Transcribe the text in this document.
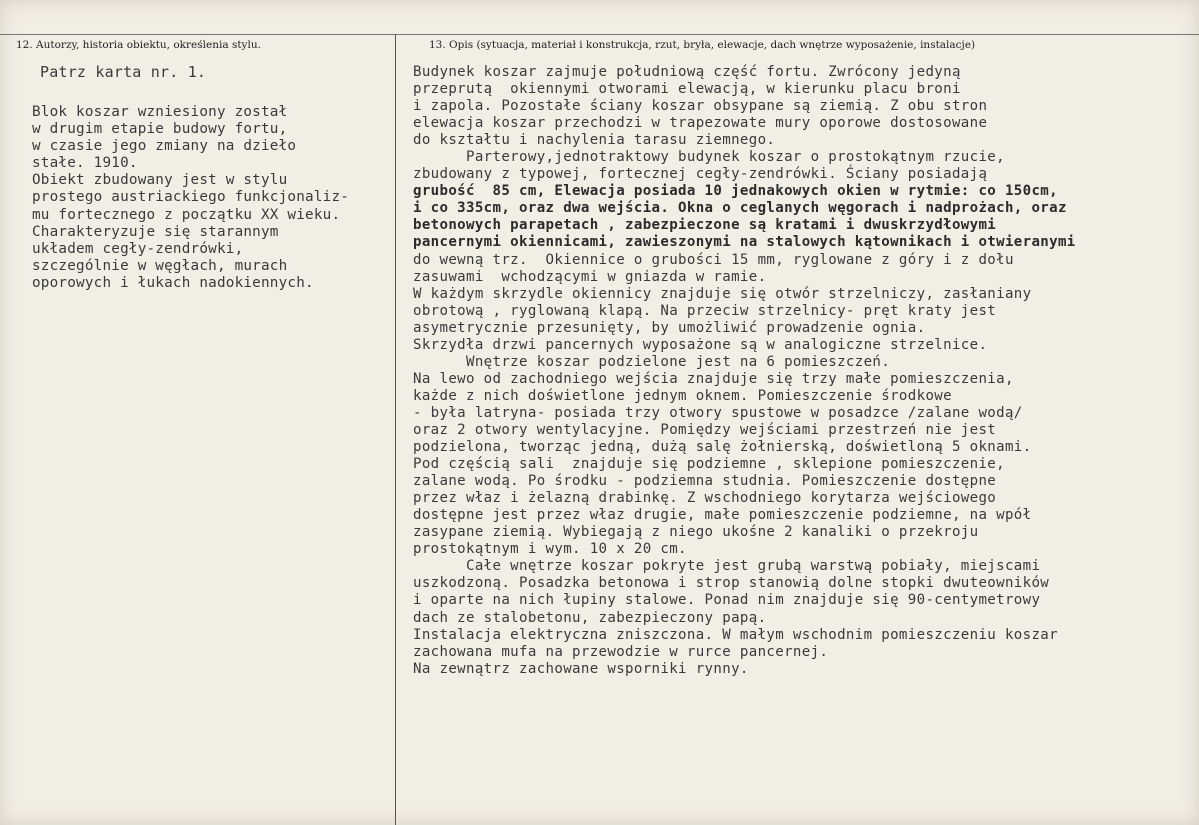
12. Autorzy, historia obiektu, określenia stylu.	13. Opis (sytuacja, materiał i konstrukcja, rzut, bryła, elewacje, dach wnętrze wyposażenie, instalacje)
Patrz karta nr. 1.
Blok koszar wzniesiony został
w drugim etapie budowy fortu,
w czasie jego zmiany na dzieło
stałe. 1910.
Obiekt zbudowany jest w stylu
prostego austriackiego funkcjonaliz-
mu fortecznego z początku XX wieku.
Charakteryzuje się starannym
układem cegły-zendrówki,
szczególnie w węgłach, murach
oporowych i łukach nadokiennych.
Budynek koszar zajmuje południową część fortu. Zwrócony jedyną
przeprutą  okiennymi otworami elewacją, w kierunku placu broni
i zapola. Pozostałe ściany koszar obsypane są ziemią. Z obu stron
elewacja koszar przechodzi w trapezowate mury oporowe dostosowane
do kształtu i nachylenia tarasu ziemnego.
Parterowy,jednotraktowy budynek koszar o prostokątnym rzucie,
zbudowany z typowej, fortecznej cegły-zendrówki. Ściany posiadają
grubość  85 cm, Elewacja posiada 10 jednakowych okien w rytmie: co 150cm,
i co 335cm, oraz dwa wejścia. Okna o ceglanych węgorach i nadprożach, oraz
betonowych parapetach , zabezpieczone są kratami i dwuskrzydłowymi
pancernymi okiennicami, zawieszonymi na stalowych kątownikach i otwieranymi
do wewną trz.  Okiennice o grubości 15 mm, ryglowane z góry i z dołu
zasuwami  wchodzącymi w gniazda w ramie.
W każdym skrzydle okiennicy znajduje się otwór strzelniczy, zasłaniany
obrotową , ryglowaną klapą. Na przeciw strzelnicy- pręt kraty jest
asymetrycznie przesunięty, by umożliwić prowadzenie ognia.
Skrzydła drzwi pancernych wyposażone są w analogiczne strzelnice.
Wnętrze koszar podzielone jest na 6 pomieszczeń.
Na lewo od zachodniego wejścia znajduje się trzy małe pomieszczenia,
każde z nich doświetlone jednym oknem. Pomieszczenie środkowe
- była latryna- posiada trzy otwory spustowe w posadzce /zalane wodą/
oraz 2 otwory wentylacyjne. Pomiędzy wejściami przestrzeń nie jest
podzielona, tworząc jedną, dużą salę żołnierską, doświetloną 5 oknami.
Pod częścią sali  znajduje się podziemne , sklepione pomieszczenie,
zalane wodą. Po środku - podziemna studnia. Pomieszczenie dostępne
przez właz i żelazną drabinkę. Z wschodniego korytarza wejściowego
dostępne jest przez właz drugie, małe pomieszczenie podziemne, na wpół
zasypane ziemią. Wybiegają z niego ukośne 2 kanaliki o przekroju
prostokątnym i wym. 10 x 20 cm.
Całe wnętrze koszar pokryte jest grubą warstwą pobiały, miejscami
uszkodzoną. Posadzka betonowa i strop stanowią dolne stopki dwuteowników
i oparte na nich łupiny stalowe. Ponad nim znajduje się 90-centymetrowy
dach ze stalobetonu, zabezpieczony papą.
Instalacja elektryczna zniszczona. W małym wschodnim pomieszczeniu koszar
zachowana mufa na przewodzie w rurce pancernej.
Na zewnątrz zachowane wsporniki rynny.
